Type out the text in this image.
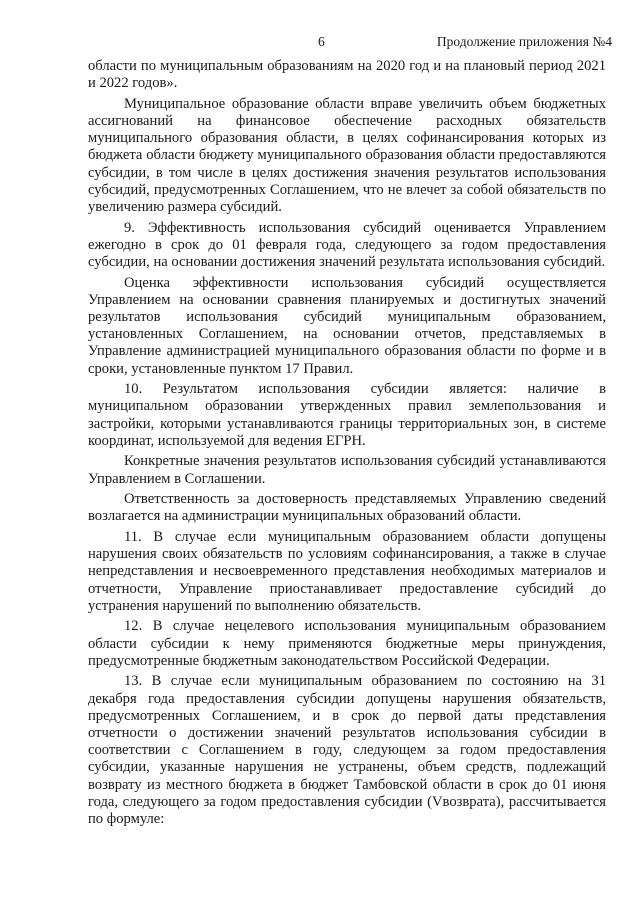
6	Продолжение приложения №4

области по муниципальным образованиям на 2020 год и на плановый период 2021 и 2022 годов».

Муниципальное образование области вправе увеличить объем бюджетных ассигнований на финансовое обеспечение расходных обязательств муниципального образования области, в целях софинансирования которых из бюджета области бюджету муниципального образования области предоставляются субсидии, в том числе в целях достижения значения результатов использования субсидий, предусмотренных Соглашением, что не влечет за собой обязательств по увеличению размера субсидий.

9. Эффективность использования субсидий оценивается Управлением ежегодно в срок до 01 февраля года, следующего за годом предоставления субсидии, на основании достижения значений результата использования субсидий.

Оценка эффективности использования субсидий осуществляется Управлением на основании сравнения планируемых и достигнутых значений результатов использования субсидий муниципальным образованием, установленных Соглашением, на основании отчетов, представляемых в Управление администрацией муниципального образования области по форме и в сроки, установленные пунктом 17 Правил.

10. Результатом использования субсидии является: наличие в муниципальном образовании утвержденных правил землепользования и застройки, которыми устанавливаются границы территориальных зон, в системе координат, используемой для ведения ЕГРН.

Конкретные значения результатов использования субсидий устанавливаются Управлением в Соглашении.

Ответственность за достоверность представляемых Управлению сведений возлагается на администрации муниципальных образований области.

11. В случае если муниципальным образованием области допущены нарушения своих обязательств по условиям софинансирования, а также в случае непредставления и несвоевременного представления необходимых материалов и отчетности, Управление приостанавливает предоставление субсидий до устранения нарушений по выполнению обязательств.

12. В случае нецелевого использования муниципальным образованием области субсидии к нему применяются бюджетные меры принуждения, предусмотренные бюджетным законодательством Российской Федерации.

13. В случае если муниципальным образованием по состоянию на 31 декабря года предоставления субсидии допущены нарушения обязательств, предусмотренных Соглашением, и в срок до первой даты представления отчетности о достижении значений результатов использования субсидии в соответствии с Соглашением в году, следующем за годом предоставления субсидии, указанные нарушения не устранены, объем средств, подлежащий возврату из местного бюджета в бюджет Тамбовской области в срок до 01 июня года, следующего за годом предоставления субсидии (Vвозврата), рассчитывается по формуле:
